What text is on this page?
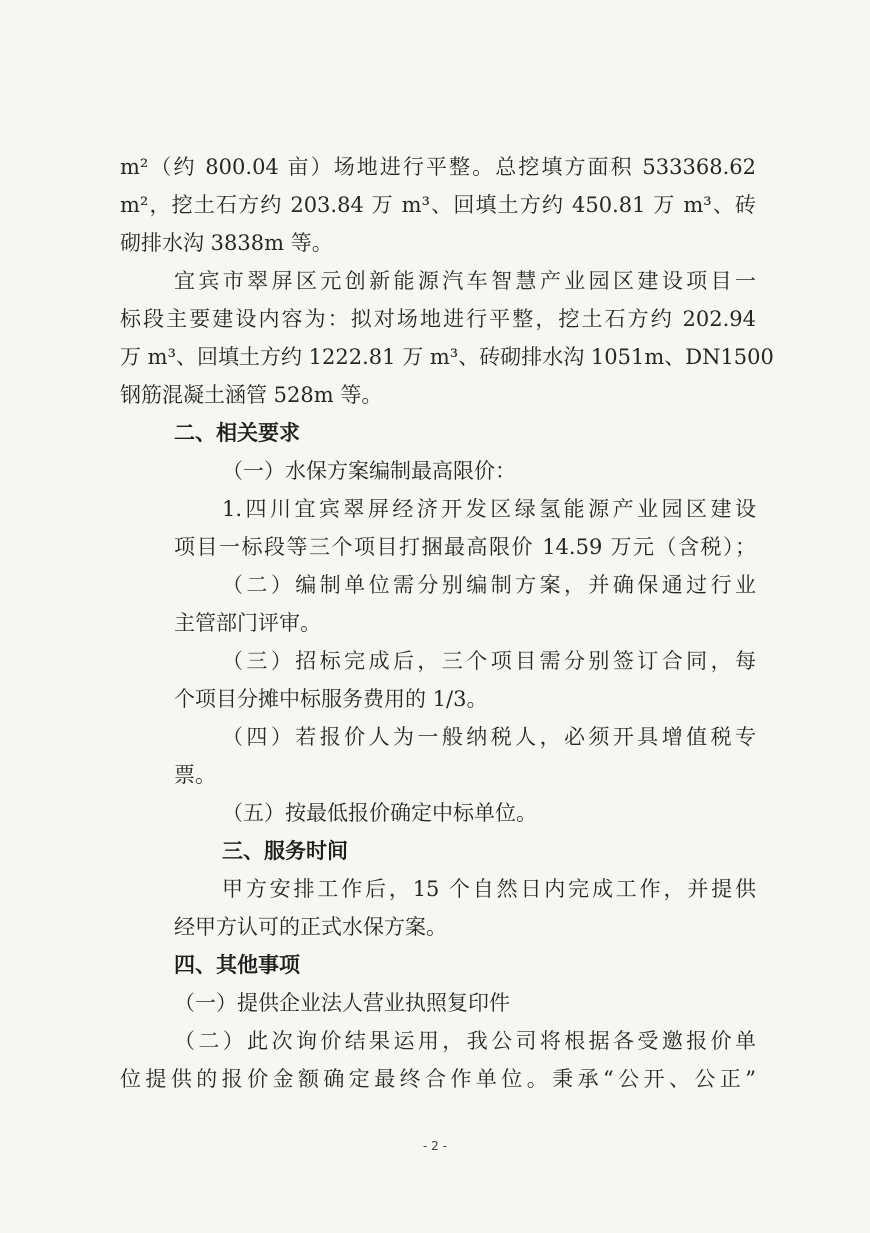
m²（约 800.04 亩）场地进行平整。总挖填方面积 533368.62
m²，挖土石方约 203.84 万 m³、回填土方约 450.81 万 m³、砖
砌排水沟 3838m 等。
宜宾市翠屏区元创新能源汽车智慧产业园区建设项目一
标段主要建设内容为：拟对场地进行平整，挖土石方约 202.94
万 m³、回填土方约 1222.81 万 m³、砖砌排水沟 1051m、DN1500
钢筋混凝土涵管 528m 等。
二、相关要求
（一）水保方案编制最高限价：
1.四川宜宾翠屏经济开发区绿氢能源产业园区建设
项目一标段等三个项目打捆最高限价 14.59 万元（含税）；
（二）编制单位需分别编制方案，并确保通过行业
主管部门评审。
（三）招标完成后，三个项目需分别签订合同，每
个项目分摊中标服务费用的 1/3。
（四）若报价人为一般纳税人，必须开具增值税专
票。
（五）按最低报价确定中标单位。
三、服务时间
甲方安排工作后，15 个自然日内完成工作，并提供
经甲方认可的正式水保方案。
四、其他事项
（一）提供企业法人营业执照复印件
（二）此次询价结果运用，我公司将根据各受邀报价单
位提供的报价金额确定最终合作单位。秉承“公开、公正”
- 2 -
